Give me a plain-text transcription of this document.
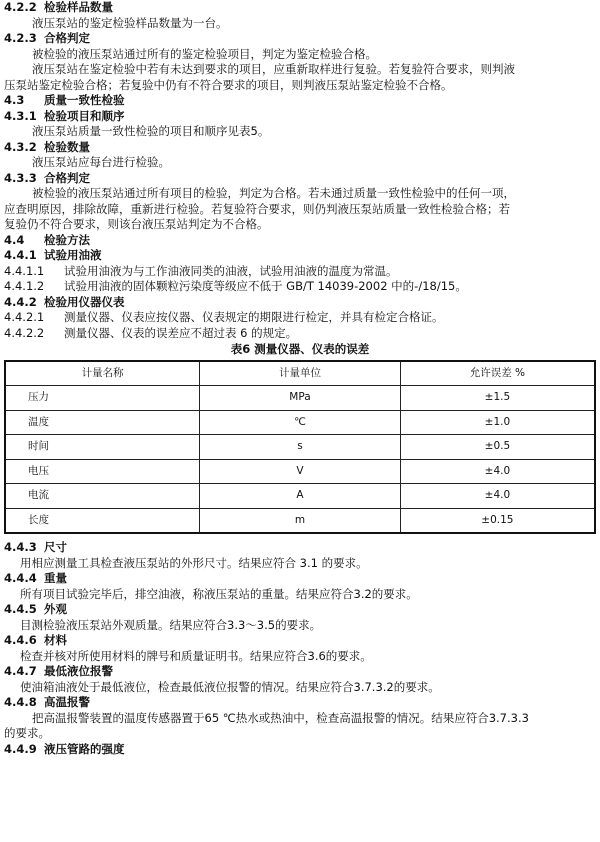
4.2.2 检验样品数量
液压泵站的鉴定检验样品数量为一台。
4.2.3 合格判定
被检验的液压泵站通过所有的鉴定检验项目，判定为鉴定检验合格。
液压泵站在鉴定检验中若有未达到要求的项目，应重新取样进行复验。若复验符合要求，则判液
压泵站鉴定检验合格；若复验中仍有不符合要求的项目，则判液压泵站鉴定检验不合格。
4.3 质量一致性检验
4.3.1 检验项目和顺序
液压泵站质量一致性检验的项目和顺序见表5。
4.3.2 检验数量
液压泵站应每台进行检验。
4.3.3 合格判定
被检验的液压泵站通过所有项目的检验，判定为合格。若未通过质量一致性检验中的任何一项，
应查明原因，排除故障，重新进行检验。若复验符合要求，则仍判液压泵站质量一致性检验合格；若
复验仍不符合要求，则该台液压泵站判定为不合格。
4.4 检验方法
4.4.1 试验用油液
4.4.1.1 试验用油液为与工作油液同类的油液，试验用油液的温度为常温。
4.4.1.2 试验用油液的固体颗粒污染度等级应不低于 GB/T 14039-2002 中的-/18/15。
4.4.2 检验用仪器仪表
4.4.2.1 测量仪器、仪表应按仪器、仪表规定的期限进行检定，并具有检定合格证。
4.4.2.2 测量仪器、仪表的误差应不超过表 6 的规定。
表6 测量仪器、仪表的误差
计量名称	计量单位	允许误差 %
压力	MPa	±1.5
温度	℃	±1.0
时间	s	±0.5
电压	V	±4.0
电流	A	±4.0
长度	m	±0.15
4.4.3 尺寸
用相应测量工具检查液压泵站的外形尺寸。结果应符合 3.1 的要求。
4.4.4 重量
所有项目试验完毕后，排空油液，称液压泵站的重量。结果应符合3.2的要求。
4.4.5 外观
目测检验液压泵站外观质量。结果应符合3.3～3.5的要求。
4.4.6 材料
检查并核对所使用材料的牌号和质量证明书。结果应符合3.6的要求。
4.4.7 最低液位报警
使油箱油液处于最低液位，检查最低液位报警的情况。结果应符合3.7.3.2的要求。
4.4.8 高温报警
把高温报警装置的温度传感器置于65 ℃热水或热油中，检查高温报警的情况。结果应符合3.7.3.3
的要求。
4.4.9 液压管路的强度
